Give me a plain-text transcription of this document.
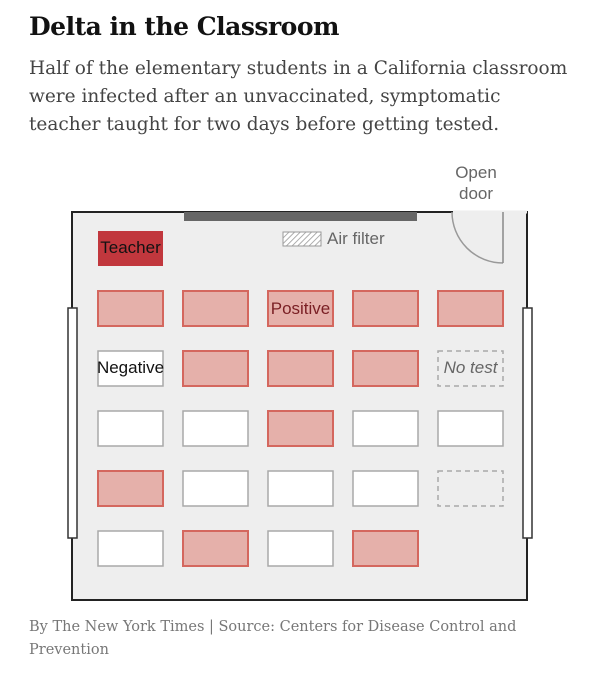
Delta in the Classroom

Half of the elementary students in a California classroom were infected after an unvaccinated, symptomatic teacher taught for two days before getting tested.

Open
door
Air filter
Teacher
Positive
Negative	No test

By The New York Times | Source: Centers for Disease Control and Prevention
